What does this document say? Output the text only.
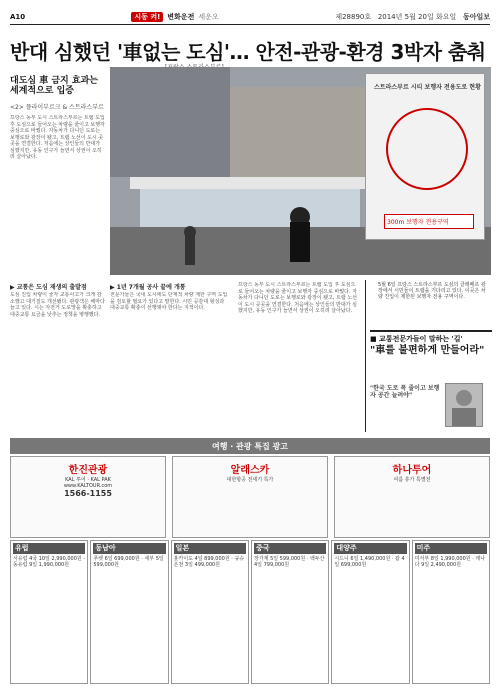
A10	시동 켜!	변화운전 세운오	제28890호 2014년 5월 20일 화요일 동아일보
반대 심했던 '車없는 도심'… 안전-관광-환경 3박자 춤춰
대도심 車 금지 효과는 세계적으로 입증
<2> 플라이부르크 & 스트라스부르
프랑스 동부 도시 스트라스부르는 트램 도입 후 도심으로 들어오는 차량을 줄이고 보행자 중심으로 바꿨다. 자동차가 다니던 도로는 보행로와 광장이 됐고, 트램 노선이 도시 곳곳을 연결한다. 처음에는 상인들의 반대가 심했지만, 유동 인구가 늘면서 상권이 오히려 살아났다.
스트라스부르 시티 보행자 전용도로 현황
300m 보행자 전용구역
5월 6일 프랑스 스트라스부르 도심의 클레베르 광장에서 시민들이 트램을 기다리고 있다. 이곳은 차량 진입이 제한된 보행자 전용 구역이다.
▶ 교통은 도심 재생의 출발점
도심 진입 차량이 줄자 교통사고가 크게 감소했고 대기질도 개선됐다. 관광객은 해마다 늘고 있다. 시는 자전거 도로망을 확충하고 대중교통 요금을 낮추는 정책을 병행했다.
▶ 1년 7개월 공사 끝에 개통
전문가들은 국내 도시에도 단계적 차량 제한 구역 도입을 검토할 필요가 있다고 말한다. 시민 공감대 형성과 대중교통 확충이 선행돼야 한다는 지적이다.
프랑스 동부 도시 스트라스부르는 트램 도입 후 도심으로 들어오는 차량을 줄이고 보행자 중심으로 바꿨다. 자동차가 다니던 도로는 보행로와 광장이 됐고, 트램 노선이 도시 곳곳을 연결한다. 처음에는 상인들의 반대가 심했지만, 유동 인구가 늘면서 상권이 오히려 살아났다.
■ 교통전문가들이 말하는 '길'
"車를 불편하게 만들어라"
"한국 도로 폭 줄이고 보행자 공간 늘려야"
여행 · 관광 특집 광고
한진관광
KAL 투어 · KAL PAK
www.KALTOUR.com
1566-1155
알래스카
대한항공 전세기 특가
하나투어
여름 휴가 특별전
유럽
서유럽 4국 10일 2,990,000원 · 동유럽 9일 1,990,000원
동남아
푸켓 6일 699,000원 · 세부 5일 599,000원
일본
홋카이도 4일 899,000원 · 규슈 온천 3일 499,000원
중국
장가계 5일 599,000원 · 백두산 4일 799,000원
대양주
시드니 6일 1,490,000원 · 괌 4일 699,000원
미주
미서부 8일 1,990,000원 · 캐나다 9일 2,490,000원
